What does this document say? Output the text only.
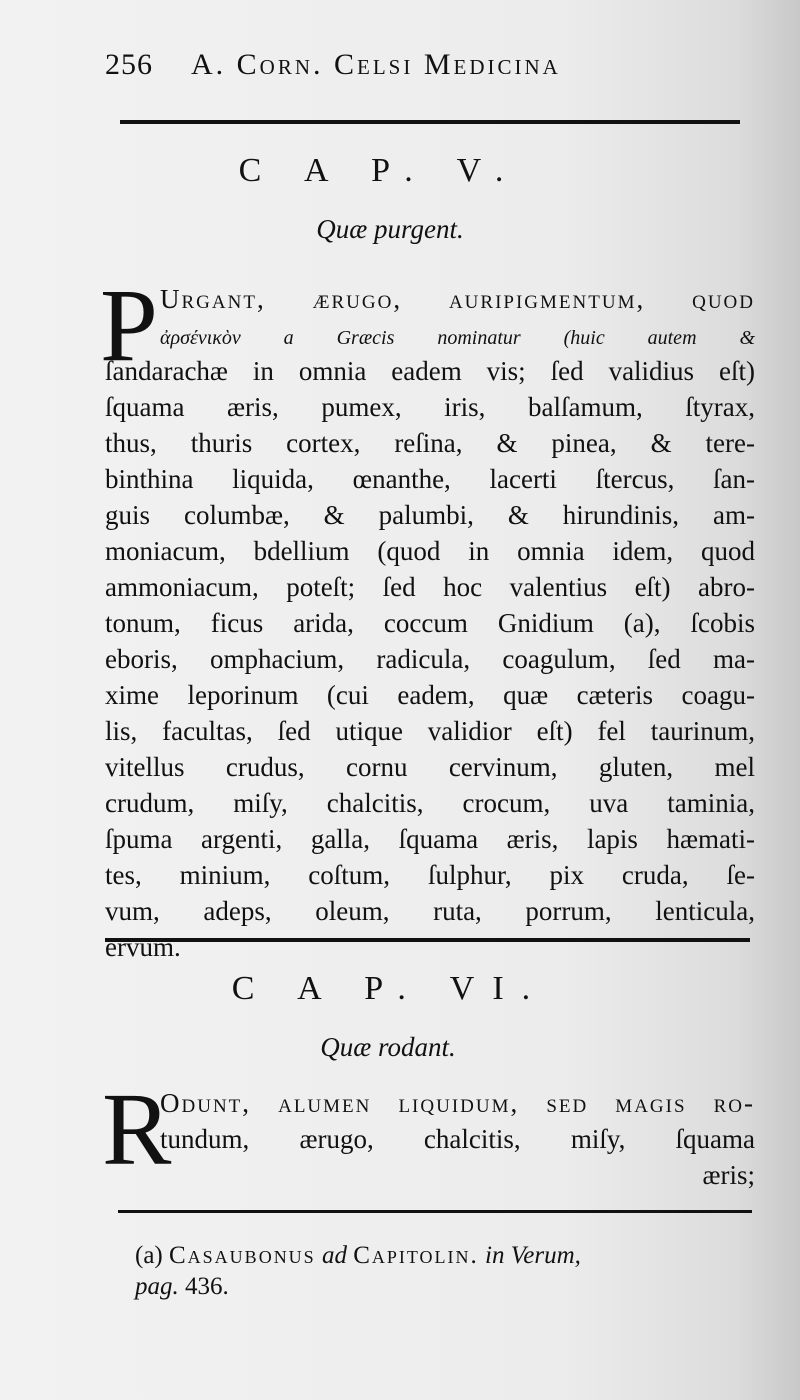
256 A. Corn. Celsi Medicina
C A P. V.
Quæ purgent.
P Urgant, ærugo, auripigmentum, quod
ἀρσένικὸν a Græcis nominatur (huic autem &
ſandarachæ in omnia eadem vis; ſed validius eſt)
ſquama æris, pumex, iris, balſamum, ſtyrax,
thus, thuris cortex, reſina, & pinea, & tere-
binthina liquida, œnanthe, lacerti ſtercus, ſan-
guis columbæ, & palumbi, & hirundinis, am-
moniacum, bdellium (quod in omnia idem, quod
ammoniacum, poteſt; ſed hoc valentius eſt) abro-
tonum, ficus arida, coccum Gnidium (a), ſcobis
eboris, omphacium, radicula, coagulum, ſed ma-
xime leporinum (cui eadem, quæ cæteris coagu-
lis, facultas, ſed utique validior eſt) fel taurinum,
vitellus crudus, cornu cervinum, gluten, mel
crudum, miſy, chalcitis, crocum, uva taminia,
ſpuma argenti, galla, ſquama æris, lapis hæmati-
tes, minium, coſtum, ſulphur, pix cruda, ſe-
vum, adeps, oleum, ruta, porrum, lenticula,
ervum.
C A P. VI.
Quæ rodant.
R
Odunt, alumen liquidum, ſed magis ro-
tundum, ærugo, chalcitis, miſy, ſquama
æris;
(a) Casaubonus ad Capitolin. in Verum,
pag. 436.
